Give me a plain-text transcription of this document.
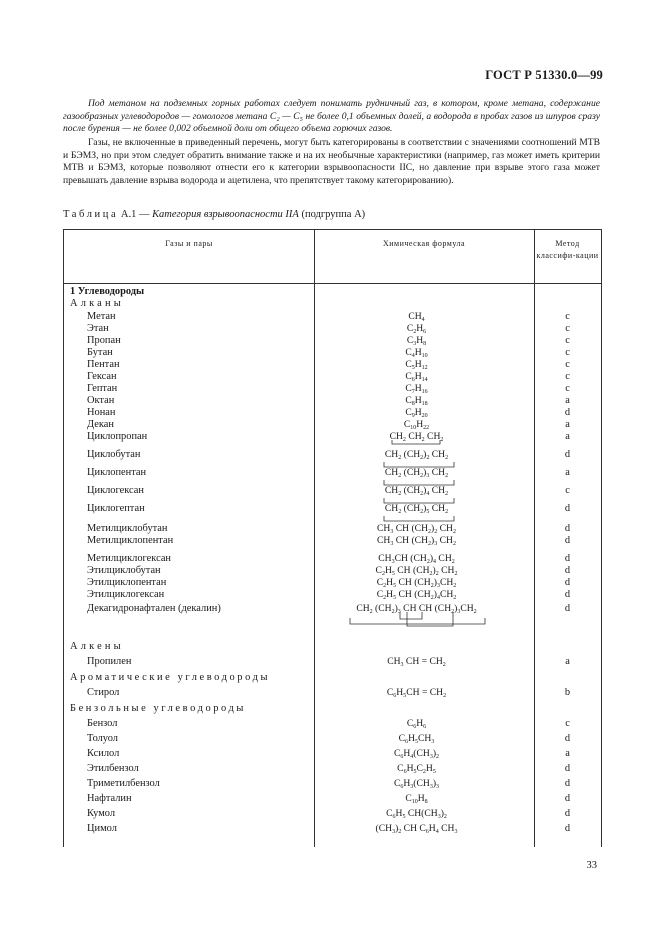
ГОСТ Р 51330.0—99
Под метаном на подземных горных работах следует понимать рудничный газ, в котором, кроме метана, содержание газообразных углеводородов — гомологов метана C₂ — C₅ не более 0,1 объемных долей, а водорода в пробах газов из шпуров сразу после бурения — не более 0,002 объемной доли от общего объема горючих газов.
Газы, не включенные в приведенный перечень, могут быть категорированы в соответствии с значениями соотношений МТВ и БЭМЗ, но при этом следует обратить внимание также и на их необычные характеристики (например, газ может иметь критерии МТВ и БЭМЗ, которые позволяют отнести его к категории взрывоопасности IIC, но давление при взрыве этого газа может превышать давление взрыва водорода и ацетилена, что препятствует такому категорированию).
Таблица А.1 — Категория взрывоопасности IIA (подгруппа А)
Газы и пары	Химическая формула	Метод классифи-кации
1 Углеводороды
Алканы
Алкены
Ароматические углеводороды
Бензольные углеводороды
Метан	$CH_4$	c
Этан	$C_2H_6$	c
Пропан	$C_3H_8$	c
Бутан	$C_4H_{10}$	c
Пентан	$C_5H_{12}$	c
Гексан	$C_6H_{14}$	c
Гептан	$C_7H_{16}$	c
Октан	$C_8H_{18}$	a
Нонан	$C_9H_{20}$	d
Декан	$C_{10}H_{22}$	a
Циклопропан	$CH_2$ $CH_2$ $CH_2$	a
Циклобутан	$CH_2$ $(CH_2)_2$ $CH_2$	d
Циклопентан	$CH_2$ $(CH_2)_3$ $CH_2$	a
Циклогексан	$CH_2$ $(CH_2)_4$ $CH_2$	c
Циклогептан	$CH_2$ $(CH_2)_5$ $CH_2$	d
Метилциклобутан	$CH_3$ CH $(CH_2)_2$ $CH_2$	d
Метилциклопентан	$CH_3$ CH $(CH_2)_3$ $CH_2$	d
Метилциклогексан	$CH_3CH$ $(CH_2)_4$ $CH_2$	d
Этилциклобутан	$C_2H_5$ CH $(CH_2)_2$ $CH_2$	d
Этилциклопентан	$C_2H_5$ CH $(CH_2)_3CH_2$	d
Этилциклогексан	$C_2H_5$ CH $(CH_2)_4CH_2$	d
Декагидронафтален (декалин)	$CH_2$ $(CH_2)_3$ CH CH $(CH_2)_3CH_2$	d
Пропилен	$CH_3$ CH = $CH_2$	a
Стирол	$C_6H_5CH = CH_2$	b
Бензол	$C_6H_6$	c
Толуол	$C_6H_5CH_3$	d
Ксилол	$C_6H_4(CH_3)_2$	a
Этилбензол	$C_6H_5C_2H_5$	d
Триметилбензол	$C_6H_3(CH_3)_3$	d
Нафталин	$C_{10}H_8$	d
Кумол	$C_6H_5$ $CH(CH_3)_2$	d
Цимол	$(CH_3)_2$ CH $C_6H_4$ $CH_3$	d
33
